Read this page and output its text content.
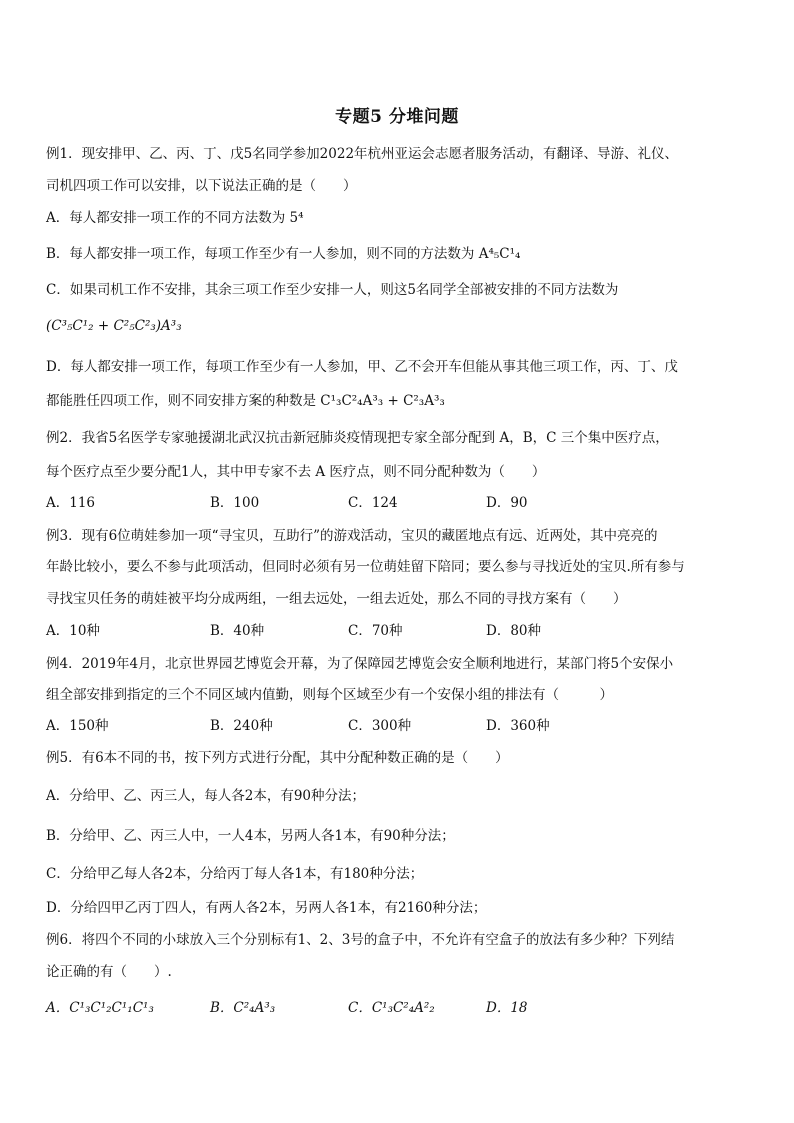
专题5 分堆问题
例1．现安排甲、乙、丙、丁、戊5名同学参加2022年杭州亚运会志愿者服务活动，有翻译、导游、礼仪、
司机四项工作可以安排，以下说法正确的是（　　）
A．每人都安排一项工作的不同方法数为 5⁴
B．每人都安排一项工作，每项工作至少有一人参加，则不同的方法数为 A⁴₅C¹₄
C．如果司机工作不安排，其余三项工作至少安排一人，则这5名同学全部被安排的不同方法数为
(C³₅C¹₂ + C²₅C²₃)A³₃
D．每人都安排一项工作，每项工作至少有一人参加，甲、乙不会开车但能从事其他三项工作，丙、丁、戊
都能胜任四项工作，则不同安排方案的种数是 C¹₃C²₄A³₃ + C²₃A³₃
例2．我省5名医学专家驰援湖北武汉抗击新冠肺炎疫情现把专家全部分配到 A，B，C 三个集中医疗点，
每个医疗点至少要分配1人，其中甲专家不去 A 医疗点，则不同分配种数为（　　）
A．116	B．100	C．124	D．90
例3．现有6位萌娃参加一项“寻宝贝，互助行”的游戏活动，宝贝的藏匿地点有远、近两处，其中亮亮的
年龄比较小，要么不参与此项活动，但同时必须有另一位萌娃留下陪同；要么参与寻找近处的宝贝.所有参与
寻找宝贝任务的萌娃被平均分成两组，一组去远处，一组去近处，那么不同的寻找方案有（　　）
A．10种	B．40种	C．70种	D．80种
例4．2019年4月，北京世界园艺博览会开幕，为了保障园艺博览会安全顺利地进行，某部门将5个安保小
组全部安排到指定的三个不同区域内值勤，则每个区域至少有一个安保小组的排法有（　　　）
A．150种	B．240种	C．300种	D．360种
例5．有6本不同的书，按下列方式进行分配，其中分配种数正确的是（　　）
A．分给甲、乙、丙三人，每人各2本，有90种分法；
B．分给甲、乙、丙三人中，一人4本，另两人各1本，有90种分法；
C．分给甲乙每人各2本，分给丙丁每人各1本，有180种分法；
D．分给四甲乙丙丁四人，有两人各2本，另两人各1本，有2160种分法；
例6．将四个不同的小球放入三个分别标有1、2、3号的盒子中，不允许有空盒子的放法有多少种？下列结
论正确的有（　　）.
A．C¹₃C¹₂C¹₁C¹₃	B．C²₄A³₃	C．C¹₃C²₄A²₂	D．18
